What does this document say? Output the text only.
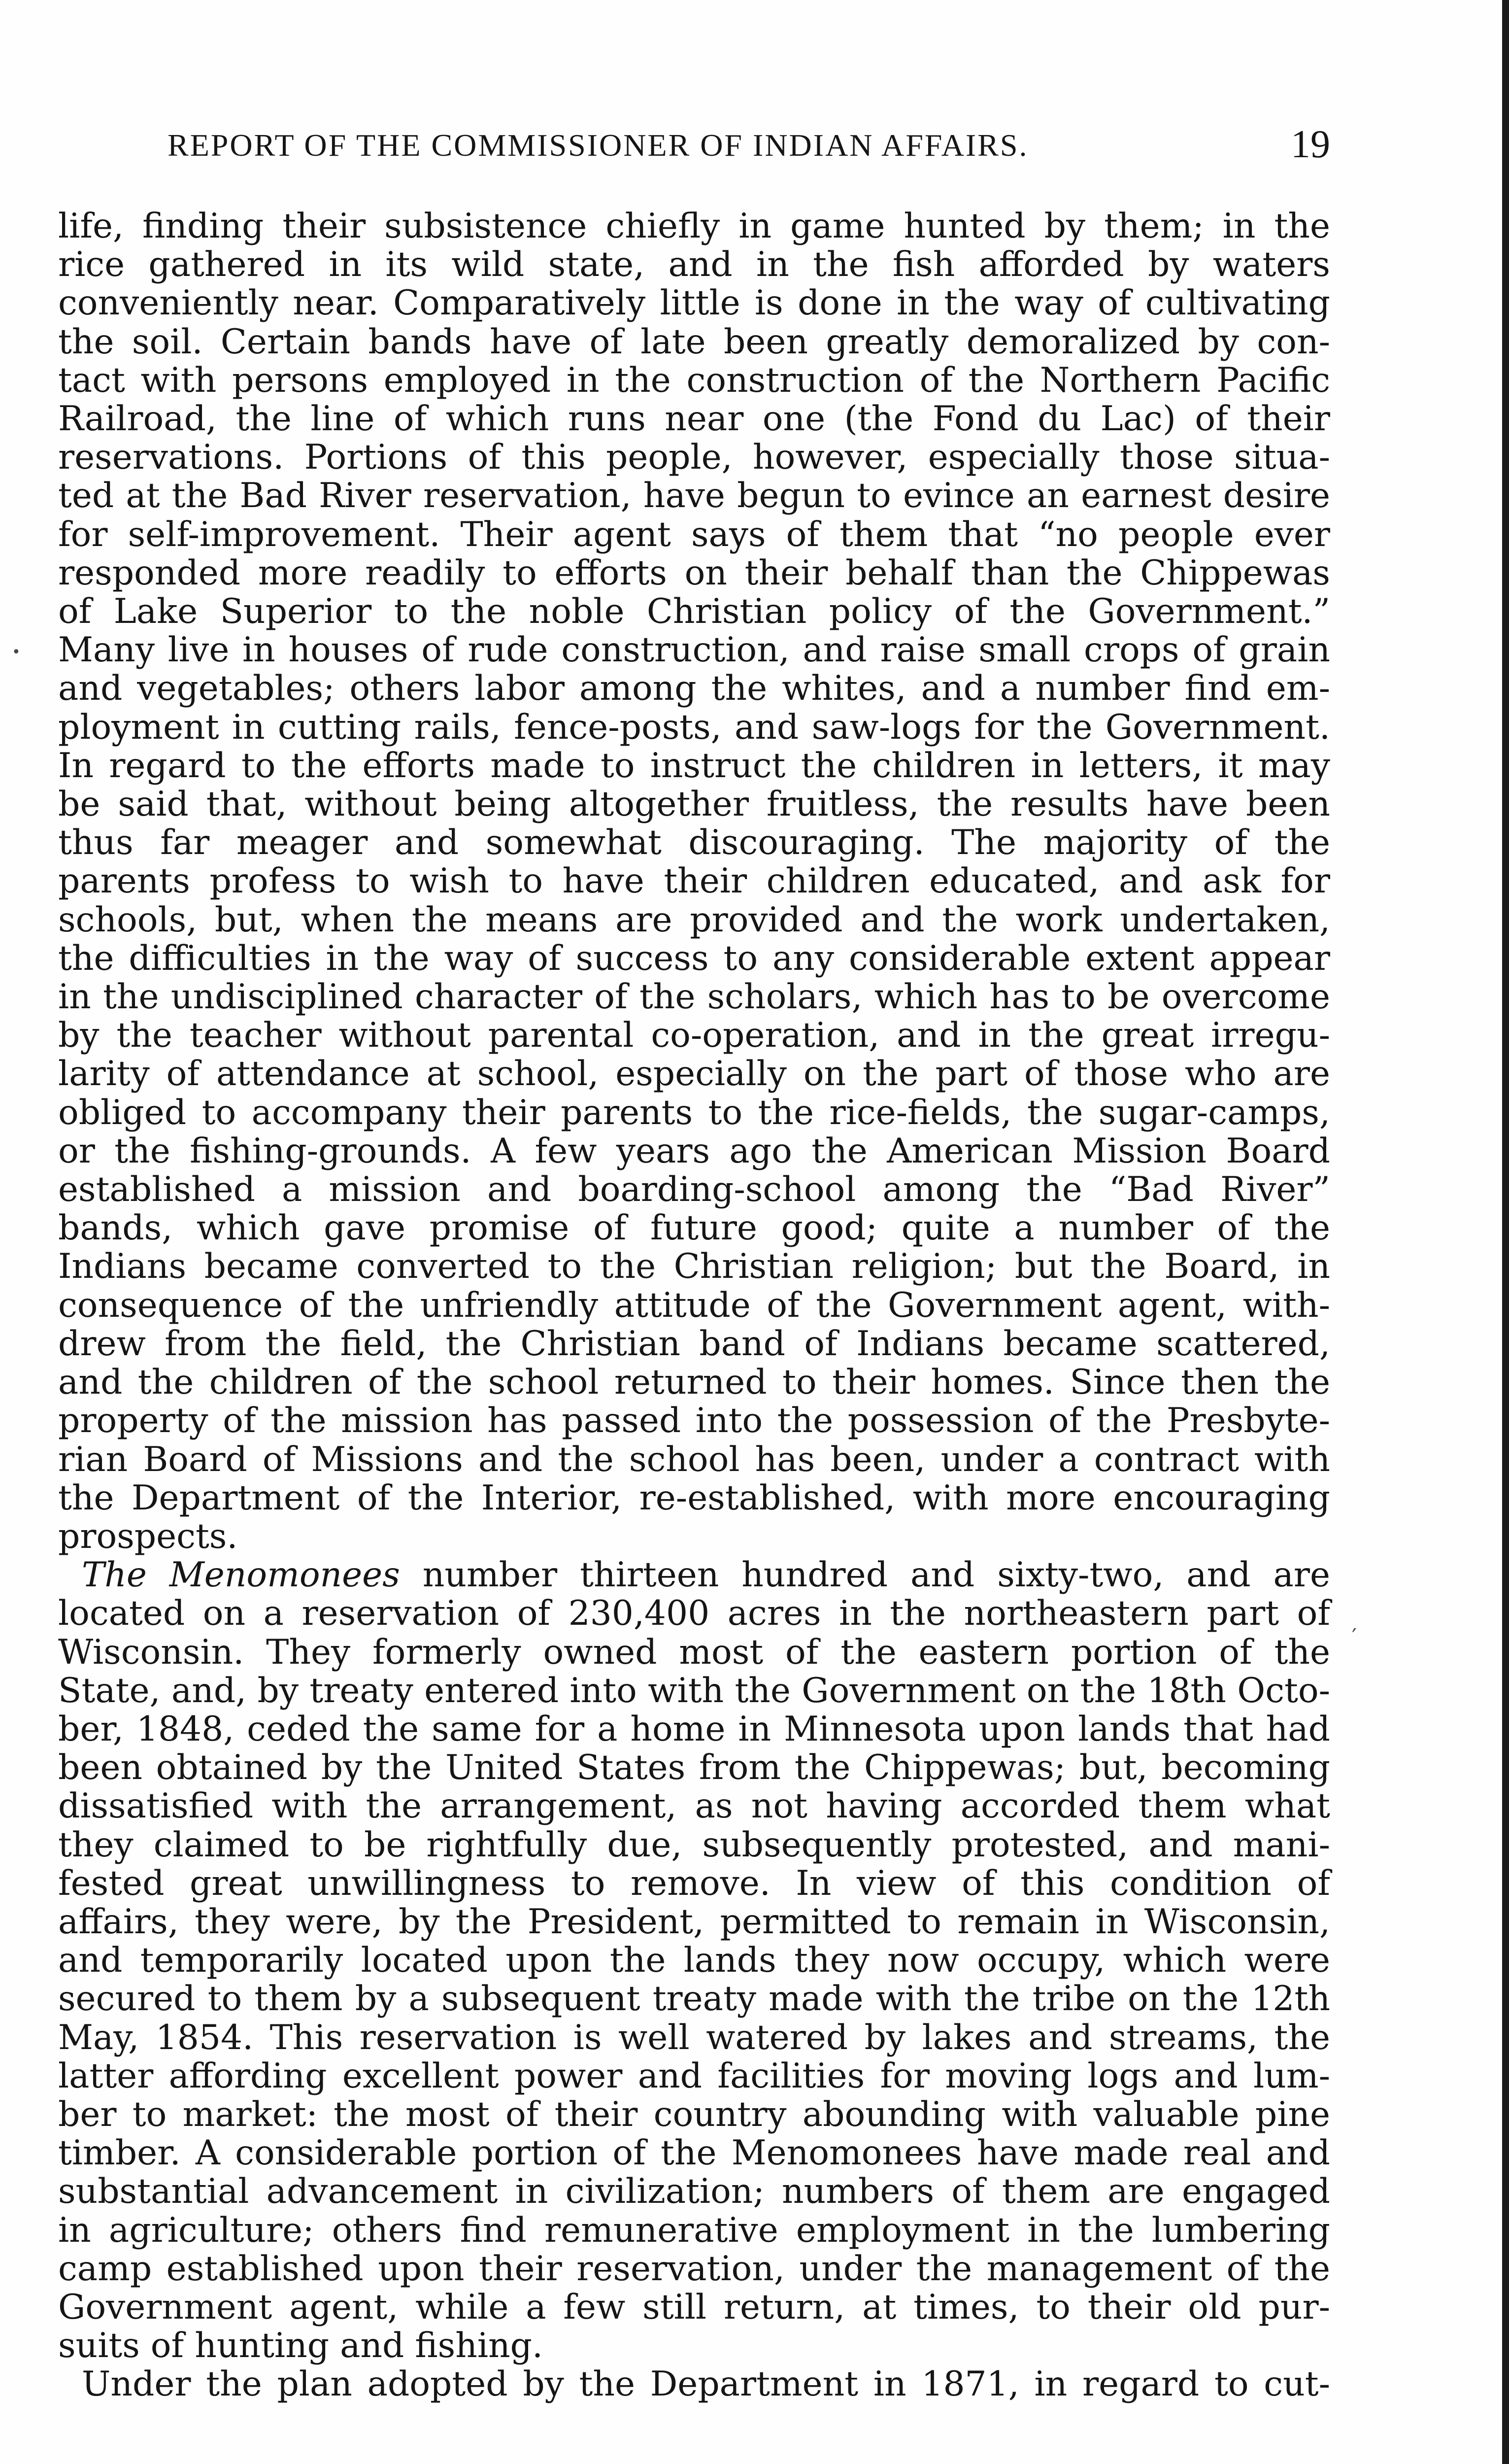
REPORT OF THE COMMISSIONER OF INDIAN AFFAIRS.	19
life, finding their subsistence chiefly in game hunted by them; in the
rice gathered in its wild state, and in the fish afforded by waters
conveniently near. Comparatively little is done in the way of cultivating
the soil. Certain bands have of late been greatly demoralized by con-
tact with persons employed in the construction of the Northern Pacific
Railroad, the line of which runs near one (the Fond du Lac) of their
reservations. Portions of this people, however, especially those situa-
ted at the Bad River reservation, have begun to evince an earnest desire
for self-improvement. Their agent says of them that “no people ever
responded more readily to efforts on their behalf than the Chippewas
of Lake Superior to the noble Christian policy of the Government.”
Many live in houses of rude construction, and raise small crops of grain
and vegetables; others labor among the whites, and a number find em-
ployment in cutting rails, fence-posts, and saw-logs for the Government.
In regard to the efforts made to instruct the children in letters, it may
be said that, without being altogether fruitless, the results have been
thus far meager and somewhat discouraging. The majority of the
parents profess to wish to have their children educated, and ask for
schools, but, when the means are provided and the work undertaken,
the difficulties in the way of success to any considerable extent appear
in the undisciplined character of the scholars, which has to be overcome
by the teacher without parental co-operation, and in the great irregu-
larity of attendance at school, especially on the part of those who are
obliged to accompany their parents to the rice-fields, the sugar-camps,
or the fishing-grounds. A few years ago the American Mission Board
established a mission and boarding-school among the “Bad River”
bands, which gave promise of future good; quite a number of the
Indians became converted to the Christian religion; but the Board, in
consequence of the unfriendly attitude of the Government agent, with-
drew from the field, the Christian band of Indians became scattered,
and the children of the school returned to their homes. Since then the
property of the mission has passed into the possession of the Presbyte-
rian Board of Missions and the school has been, under a contract with
the Department of the Interior, re-established, with more encouraging
prospects.
The Menomonees number thirteen hundred and sixty-two, and are
located on a reservation of 230,400 acres in the northeastern part of
Wisconsin. They formerly owned most of the eastern portion of the
State, and, by treaty entered into with the Government on the 18th Octo-
ber, 1848, ceded the same for a home in Minnesota upon lands that had
been obtained by the United States from the Chippewas; but, becoming
dissatisfied with the arrangement, as not having accorded them what
they claimed to be rightfully due, subsequently protested, and mani-
fested great unwillingness to remove. In view of this condition of
affairs, they were, by the President, permitted to remain in Wisconsin,
and temporarily located upon the lands they now occupy, which were
secured to them by a subsequent treaty made with the tribe on the 12th
May, 1854. This reservation is well watered by lakes and streams, the
latter affording excellent power and facilities for moving logs and lum-
ber to market: the most of their country abounding with valuable pine
timber. A considerable portion of the Menomonees have made real and
substantial advancement in civilization; numbers of them are engaged
in agriculture; others find remunerative employment in the lumbering
camp established upon their reservation, under the management of the
Government agent, while a few still return, at times, to their old pur-
suits of hunting and fishing.
Under the plan adopted by the Department in 1871, in regard to cut-
•
′
